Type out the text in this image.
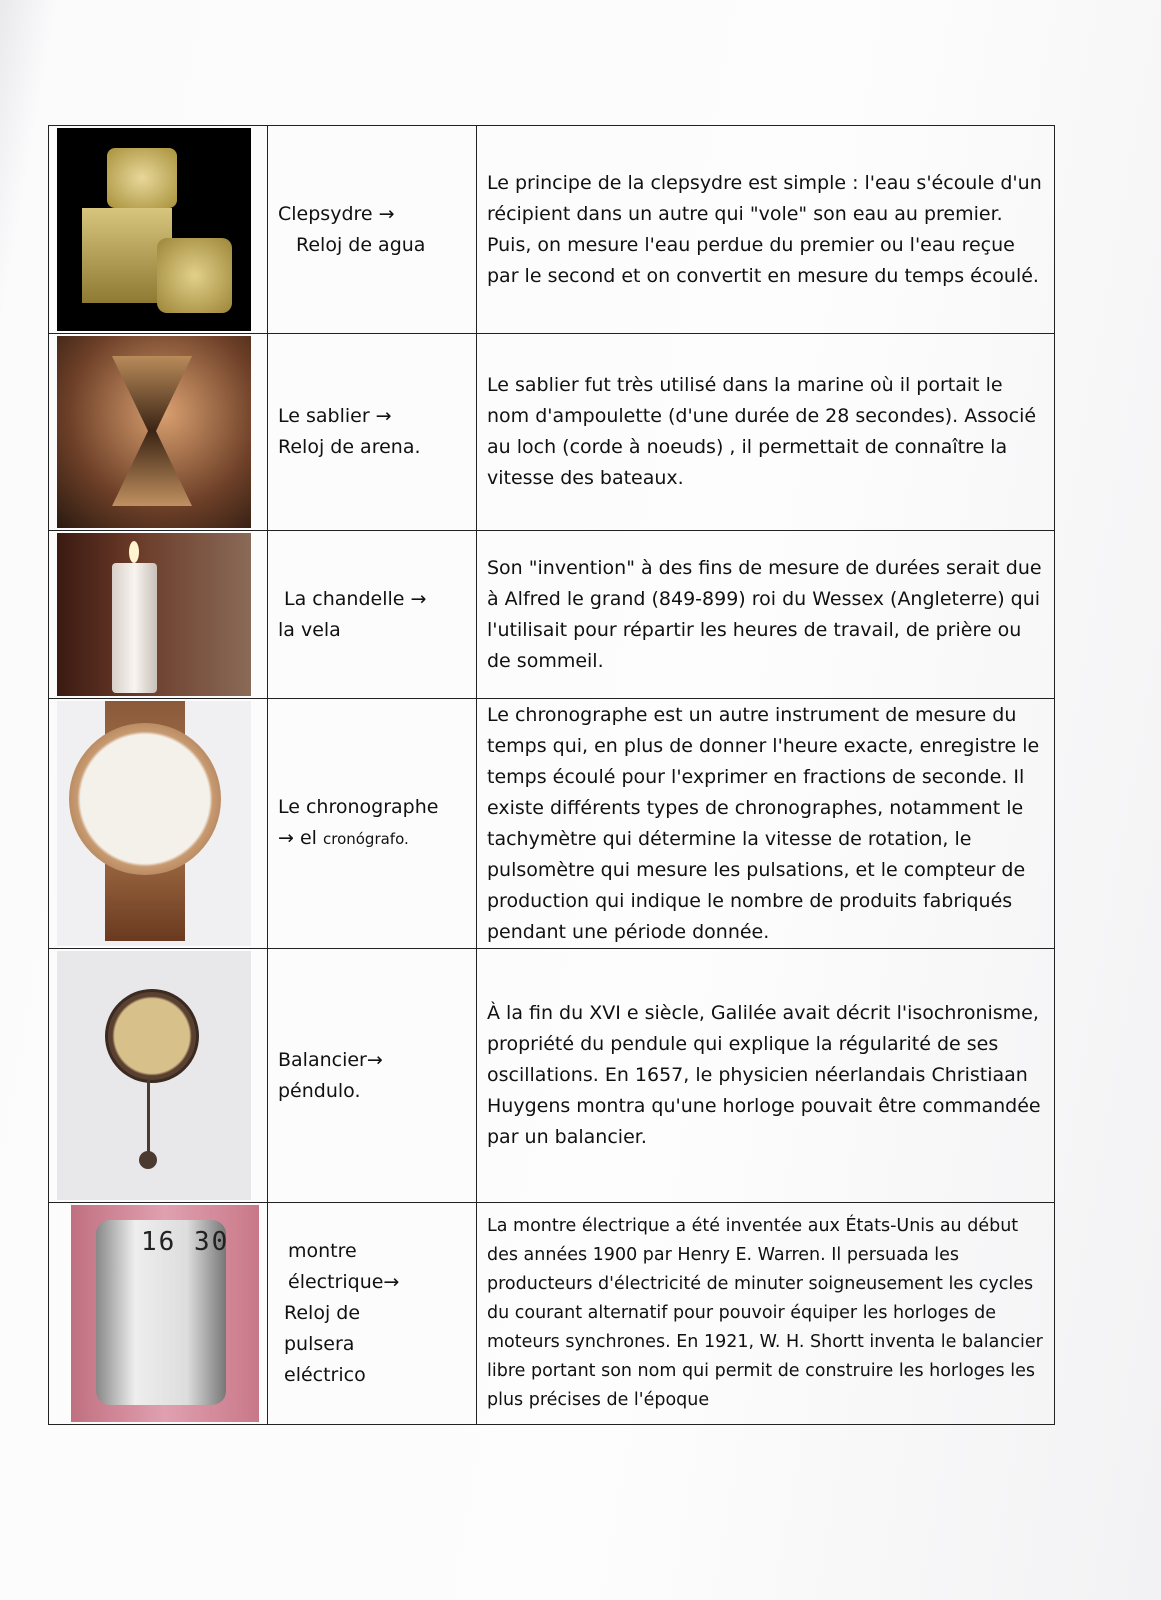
	Clepsydre →
Reloj de agua	Le principe de la clepsydre est simple : l'eau s'écoule d'un récipient dans un autre qui "vole" son eau au premier. Puis, on mesure l'eau perdue du premier ou l'eau reçue par le second et on convertit en mesure du temps écoulé.

	Le sablier →
Reloj de arena.	Le sablier fut très utilisé dans la marine où il portait le nom d'ampoulette (d'une durée de 28 secondes). Associé au loch (corde à noeuds) , il permettait de connaître la vitesse des bateaux.

	La chandelle →
la vela	Son "invention" à des fins de mesure de durées serait due à Alfred le grand (849-899) roi du Wessex (Angleterre) qui l'utilisait pour répartir les heures de travail, de prière ou de sommeil.

	Le chronographe
→ el cronógrafo.	Le chronographe est un autre instrument de mesure du temps qui, en plus de donner l'heure exacte, enregistre le temps écoulé pour l'exprimer en fractions de seconde. Il existe différents types de chronographes, notamment le tachymètre qui détermine la vitesse de rotation, le pulsomètre qui mesure les pulsations, et le compteur de production qui indique le nombre de produits fabriqués pendant une période donnée.

	Balancier→
péndulo.	À la fin du XVI e siècle, Galilée avait décrit l'isochronisme, propriété du pendule qui explique la régularité de ses oscillations. En 1657, le physicien néerlandais Christiaan Huygens montra qu'une horloge pouvait être commandée par un balancier.

16 30	montre électrique→
Reloj de pulsera eléctrico	La montre électrique a été inventée aux États-Unis au début des années 1900 par Henry E. Warren. Il persuada les producteurs d'électricité de minuter soigneusement les cycles du courant alternatif pour pouvoir équiper les horloges de moteurs synchrones. En 1921, W. H. Shortt inventa le balancier libre portant son nom qui permit de construire les horloges les plus précises de l'époque
